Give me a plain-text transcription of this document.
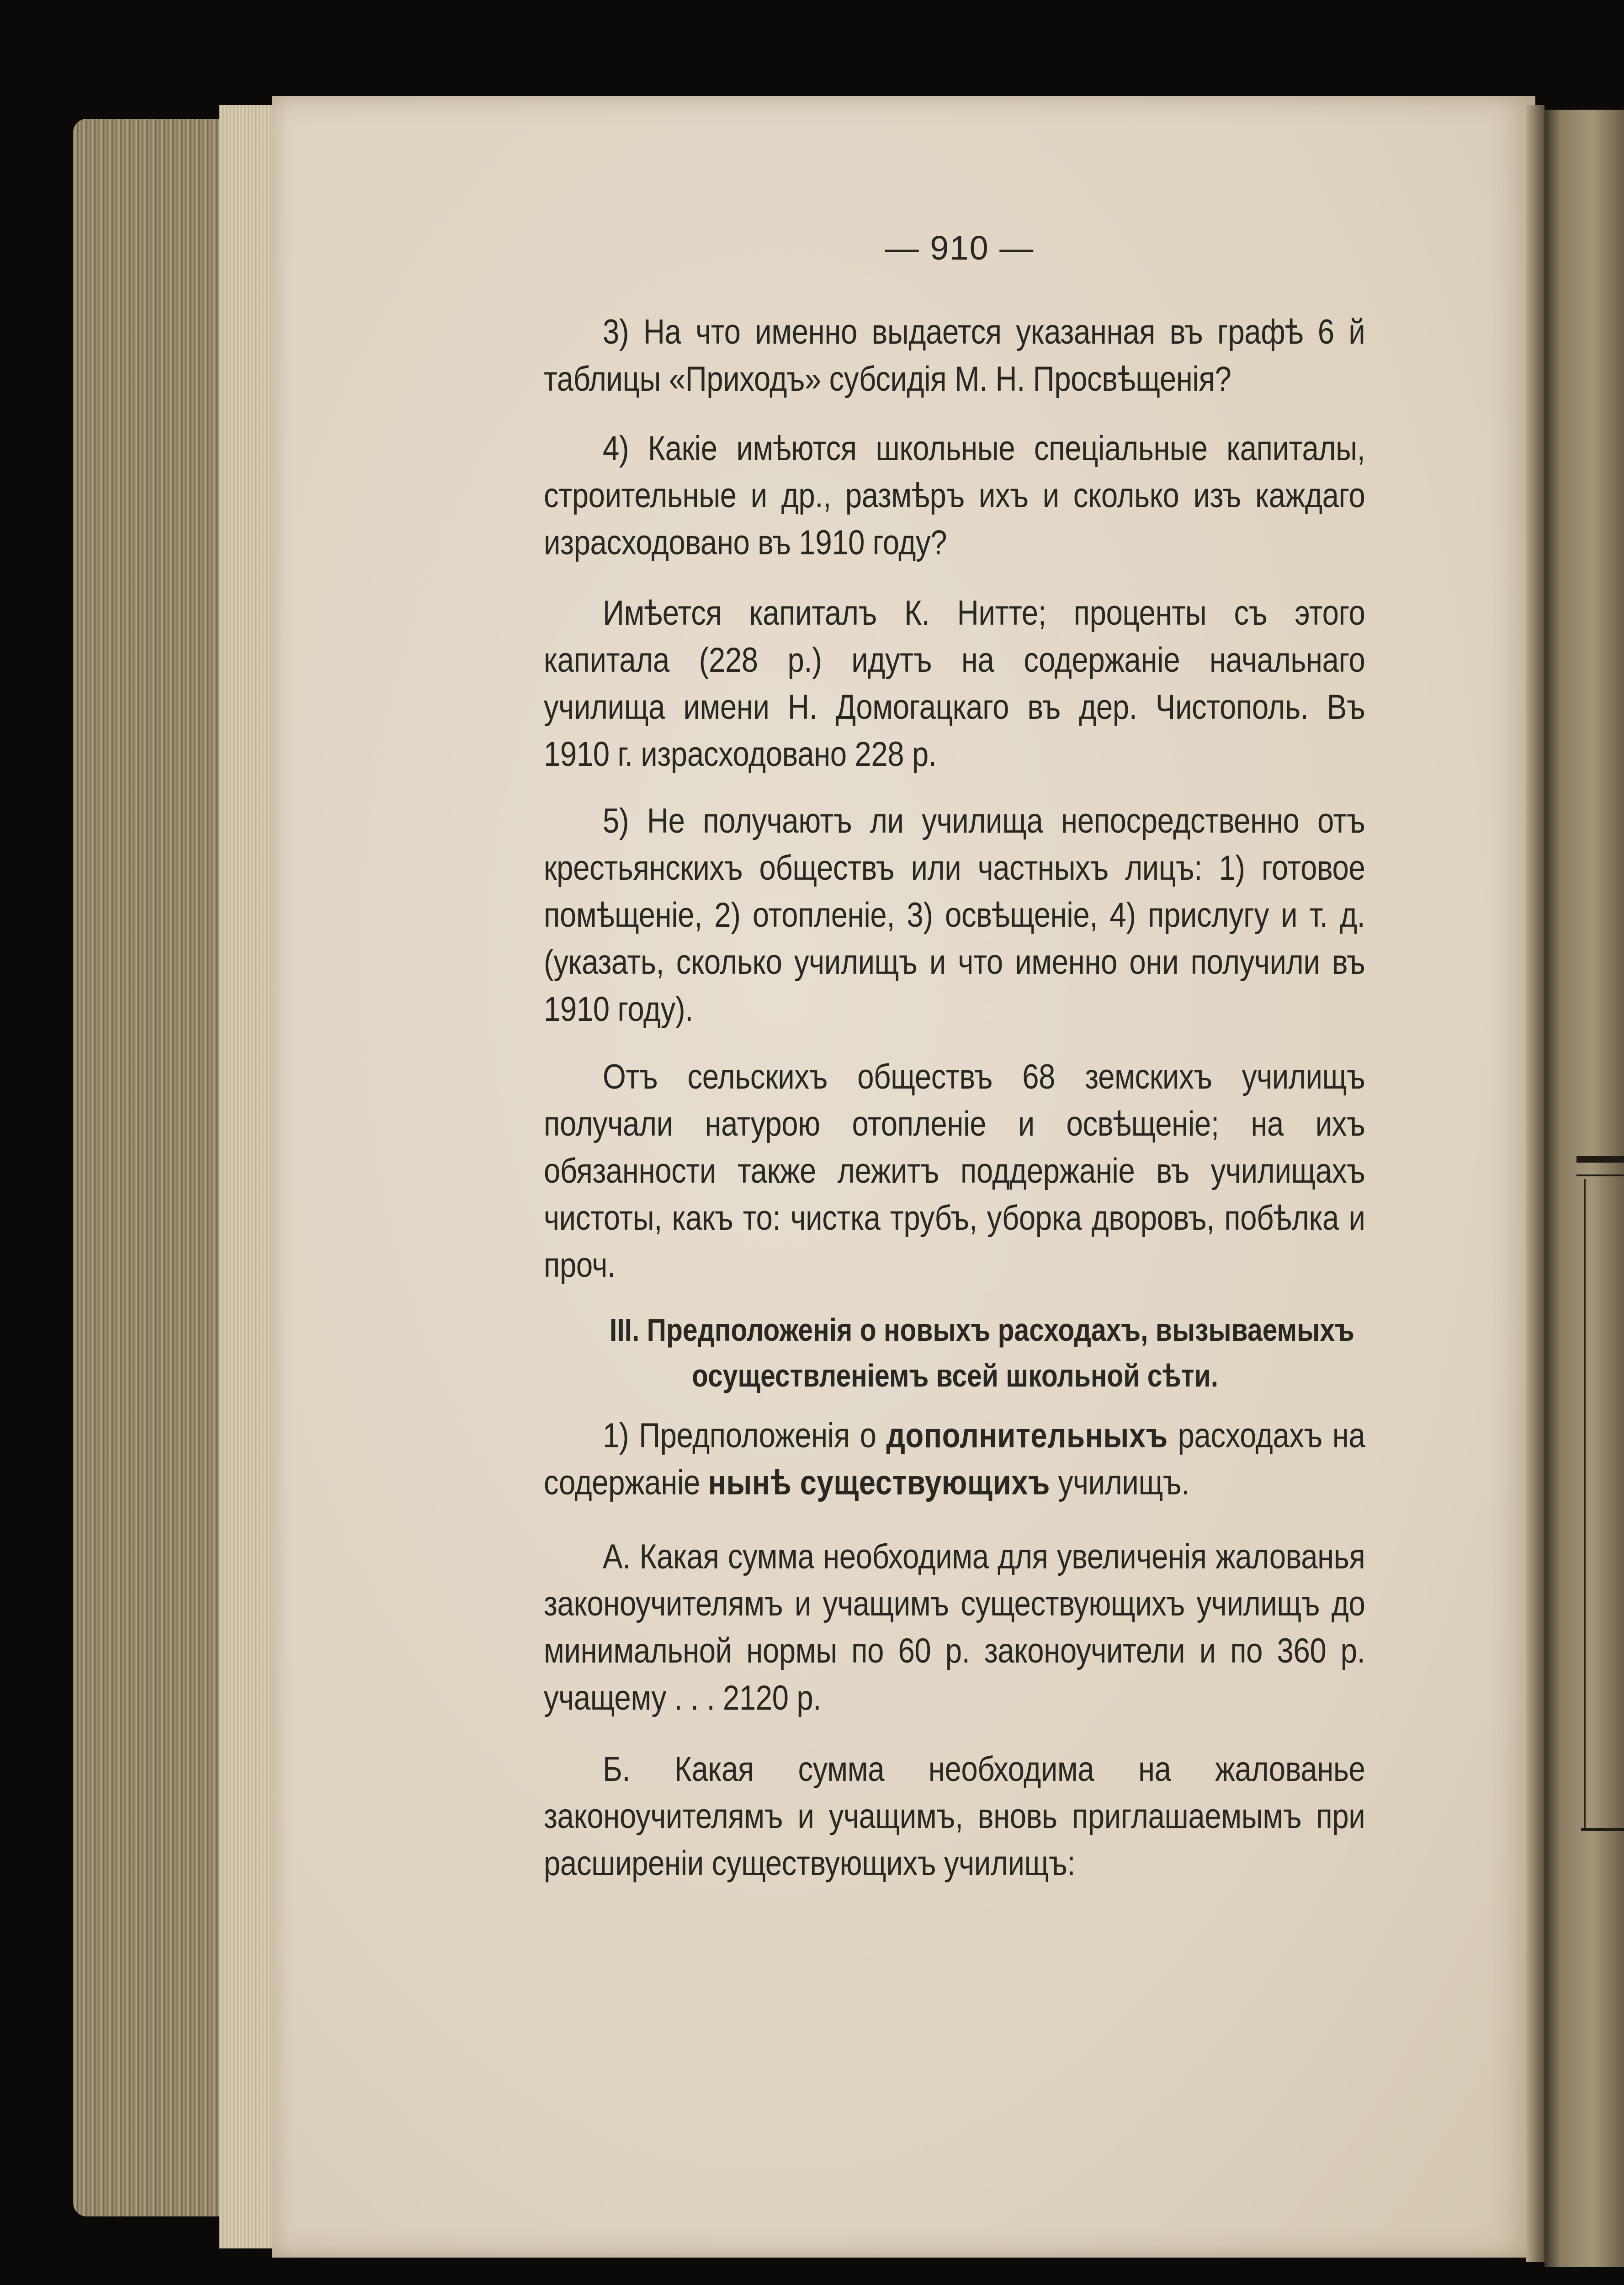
— 910 —

3) На что именно выдается указанная въ графѣ 6 й таблицы «Приходъ» субсидія М. Н. Просвѣщенія?

4) Какіе имѣются школьные спеціальные капиталы, строительные и др., размѣръ ихъ и сколько изъ каждаго израсходовано въ 1910 году?

Имѣется капиталъ К. Нитте; проценты съ этого капитала (228 р.) идутъ на содержаніе начальнаго училища имени Н. Домогацкаго въ дер. Чистополь. Въ 1910 г. израсходовано 228 р.

5) Не получаютъ ли училища непосредственно отъ крестьянскихъ обществъ или частныхъ лицъ: 1) готовое помѣщеніе, 2) отопленіе, 3) освѣщеніе, 4) прислугу и т. д. (указать, сколько училищъ и что именно они получили въ 1910 году).

Отъ сельскихъ обществъ 68 земскихъ училищъ получали натурою отопленіе и освѣщеніе; на ихъ обязанности также лежитъ поддержаніе въ училищахъ чистоты, какъ то: чистка трубъ, уборка дворовъ, побѣлка и проч.

III. Предположенія о новыхъ расходахъ, вызываемыхъ
осуществленіемъ всей школьной сѣти.

1) Предположенія о дополнительныхъ расходахъ на содержаніе нынѣ существующихъ училищъ.

А. Какая сумма необходима для увеличенія жалованья законоучителямъ и учащимъ существующихъ училищъ до минимальной нормы по 60 р. законоучители и по 360 р. учащему . . . 2120 р.

Б. Какая сумма необходима на жалованье законоучителямъ и учащимъ, вновь приглашаемымъ при расширеніи существующихъ училищъ:
